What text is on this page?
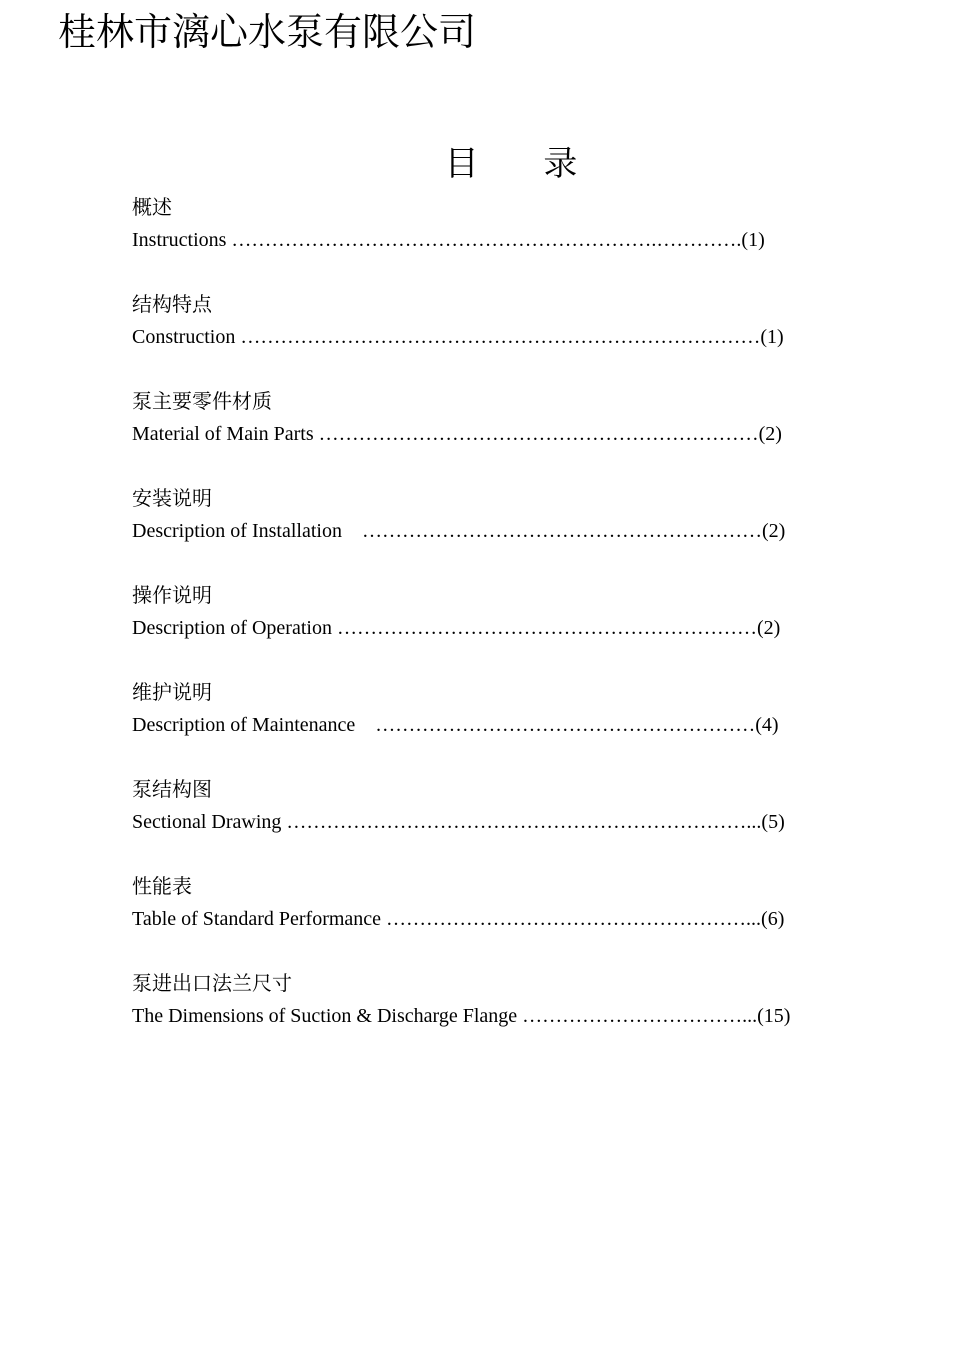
桂林市漓心水泵有限公司
目      录
概述
Instructions ……………………………………………………….………….(1)
结构特点
Construction ……………………………………………………………………(1)
泵主要零件材质
Material of Main Parts …………………………………………………………(2)
安装说明
Description of Installation    ……………………………………………………(2)
操作说明
Description of Operation ………………………………………………………(2)
维护说明
Description of Maintenance    …………………………………………………(4)
泵结构图
Sectional Drawing ……………………………………………………………...(5)
性能表
Table of Standard Performance ………………………………………………...(6)
泵进出口法兰尺寸
The Dimensions of Suction & Discharge Flange ……………………………...(15)
